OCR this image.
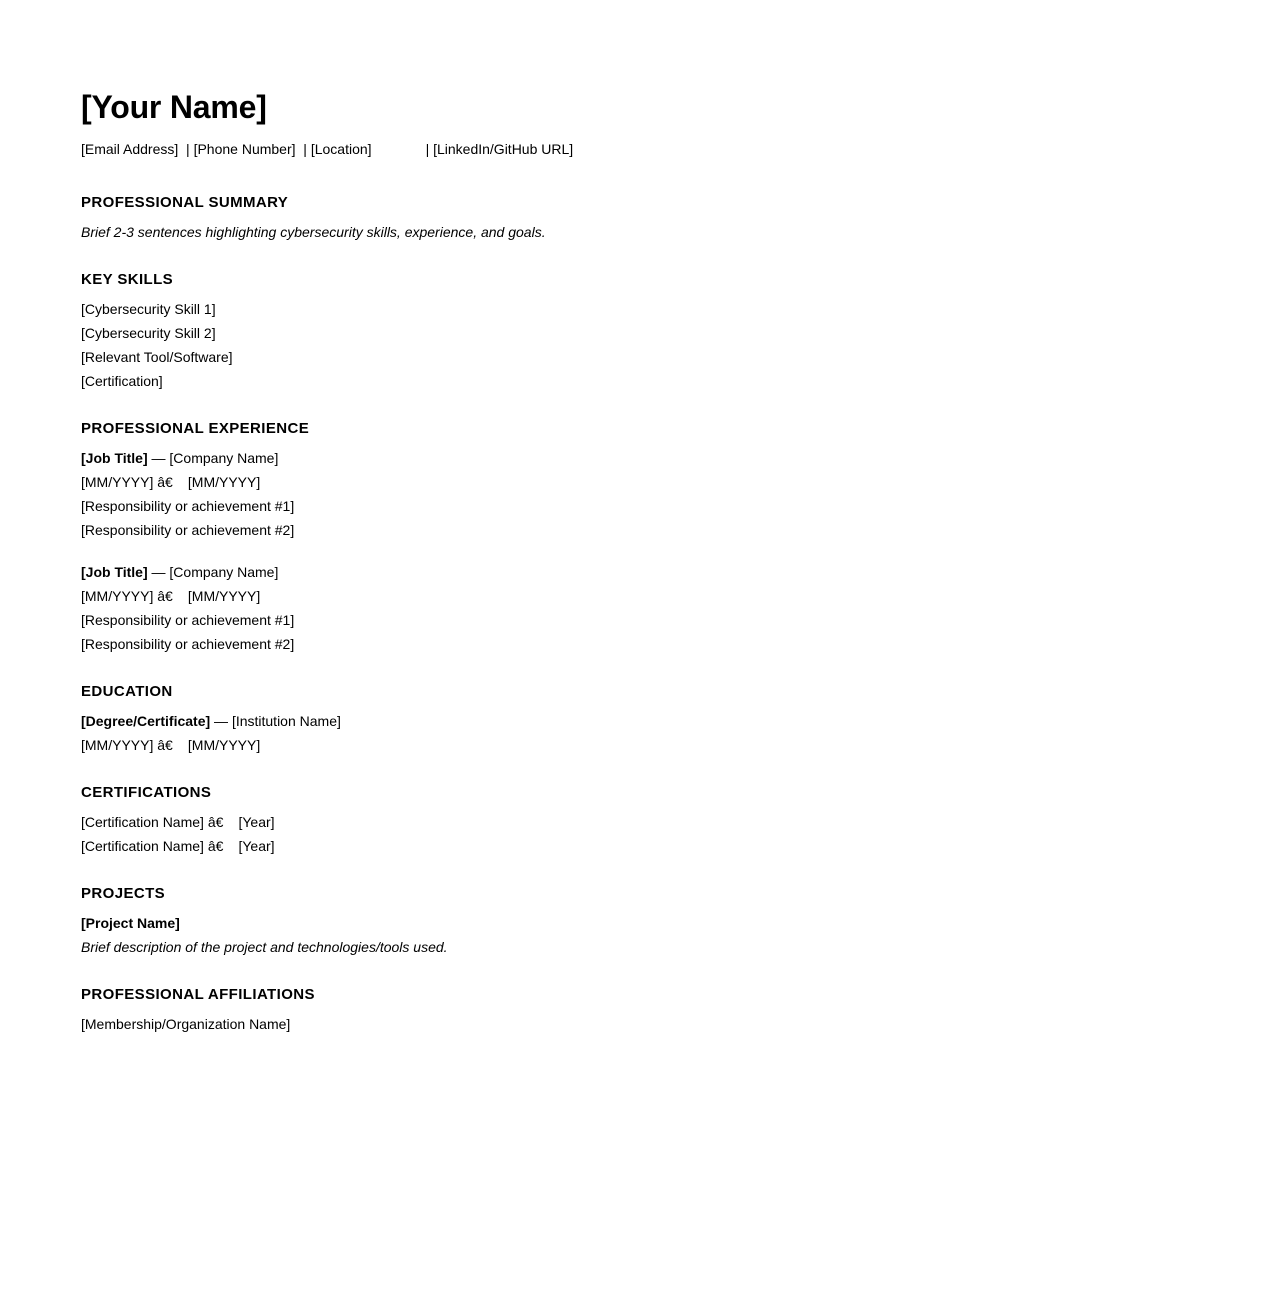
[Your Name]
[Email Address]  | [Phone Number]  | [Location]	| [LinkedIn/GitHub URL]
PROFESSIONAL SUMMARY
Brief 2-3 sentences highlighting cybersecurity skills, experience, and goals.
KEY SKILLS
[Cybersecurity Skill 1]
[Cybersecurity Skill 2]
[Relevant Tool/Software]
[Certification]
PROFESSIONAL EXPERIENCE
[Job Title] — [Company Name]
[MM/YYYY] â€ [MM/YYYY]
[Responsibility or achievement #1]
[Responsibility or achievement #2]
[Job Title] — [Company Name]
[MM/YYYY] â€ [MM/YYYY]
[Responsibility or achievement #1]
[Responsibility or achievement #2]
EDUCATION
[Degree/Certificate] — [Institution Name]
[MM/YYYY] â€ [MM/YYYY]
CERTIFICATIONS
[Certification Name] â€ [Year]
[Certification Name] â€ [Year]
PROJECTS
[Project Name]
Brief description of the project and technologies/tools used.
PROFESSIONAL AFFILIATIONS
[Membership/Organization Name]
